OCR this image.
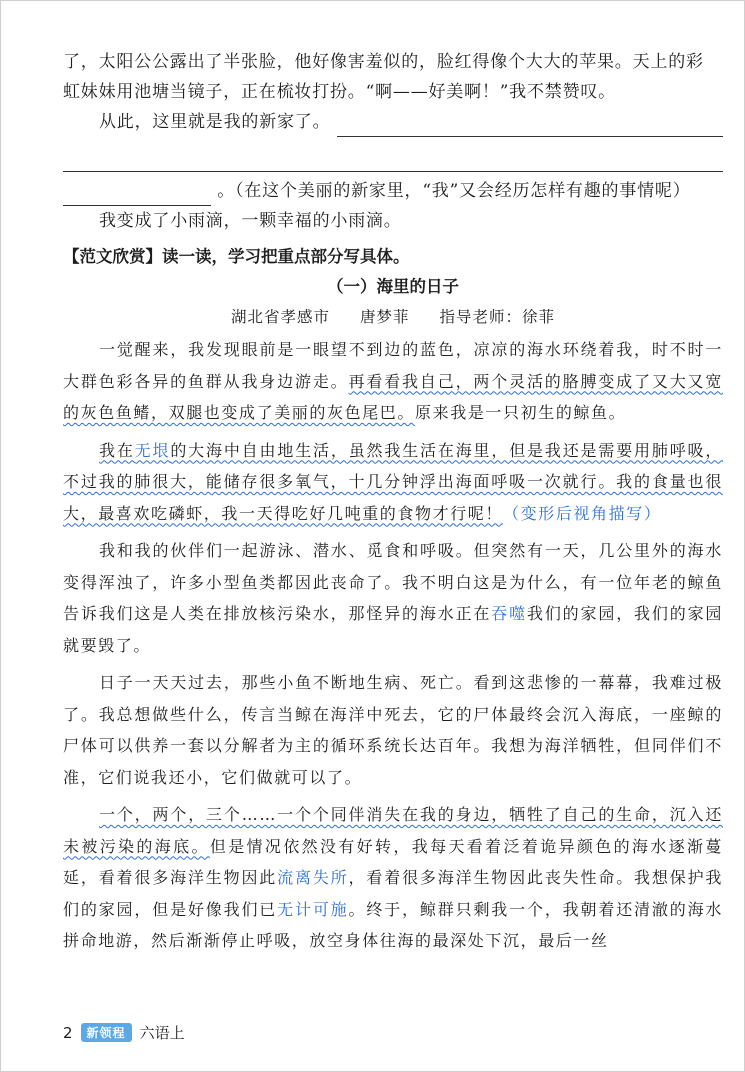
了，太阳公公露出了半张脸，他好像害羞似的，脸红得像个大大的苹果。天上的彩
虹妹妹用池塘当镜子，正在梳妆打扮。“啊——好美啊！”我不禁赞叹。
从此，这里就是我的新家了。
。（在这个美丽的新家里，“我”又会经历怎样有趣的事情呢）
我变成了小雨滴，一颗幸福的小雨滴。
【范文欣赏】读一读，学习把重点部分写具体。
（一）海里的日子
湖北省孝感市 唐梦菲 指导老师：徐菲

一觉醒来，我发现眼前是一眼望不到边的蓝色，凉凉的海水环绕着我，时不时一大群色彩各异的鱼群从我身边游走。再看看我自己，两个灵活的胳膊变成了又大又宽的灰色鱼鳍，双腿也变成了美丽的灰色尾巴。原来我是一只初生的鲸鱼。

我在无垠的大海中自由地生活，虽然我生活在海里，但是我还是需要用肺呼吸，不过我的肺很大，能储存很多氧气，十几分钟浮出海面呼吸一次就行。我的食量也很大，最喜欢吃磷虾，我一天得吃好几吨重的食物才行呢！（变形后视角描写）

我和我的伙伴们一起游泳、潜水、觅食和呼吸。但突然有一天，几公里外的海水变得浑浊了，许多小型鱼类都因此丧命了。我不明白这是为什么，有一位年老的鲸鱼告诉我们这是人类在排放核污染水，那怪异的海水正在吞噬我们的家园，我们的家园就要毁了。

日子一天天过去，那些小鱼不断地生病、死亡。看到这悲惨的一幕幕，我难过极了。我总想做些什么，传言当鲸在海洋中死去，它的尸体最终会沉入海底，一座鲸的尸体可以供养一套以分解者为主的循环系统长达百年。我想为海洋牺牲，但同伴们不准，它们说我还小，它们做就可以了。

一个，两个，三个……一个个同伴消失在我的身边，牺牲了自己的生命，沉入还未被污染的海底。但是情况依然没有好转，我每天看着泛着诡异颜色的海水逐渐蔓延，看着很多海洋生物因此流离失所，看着很多海洋生物因此丧失性命。我想保护我们的家园，但是好像我们已无计可施。终于，鲸群只剩我一个，我朝着还清澈的海水拼命地游，然后渐渐停止呼吸，放空身体往海的最深处下沉，最后一丝

2	新领程 六语上
